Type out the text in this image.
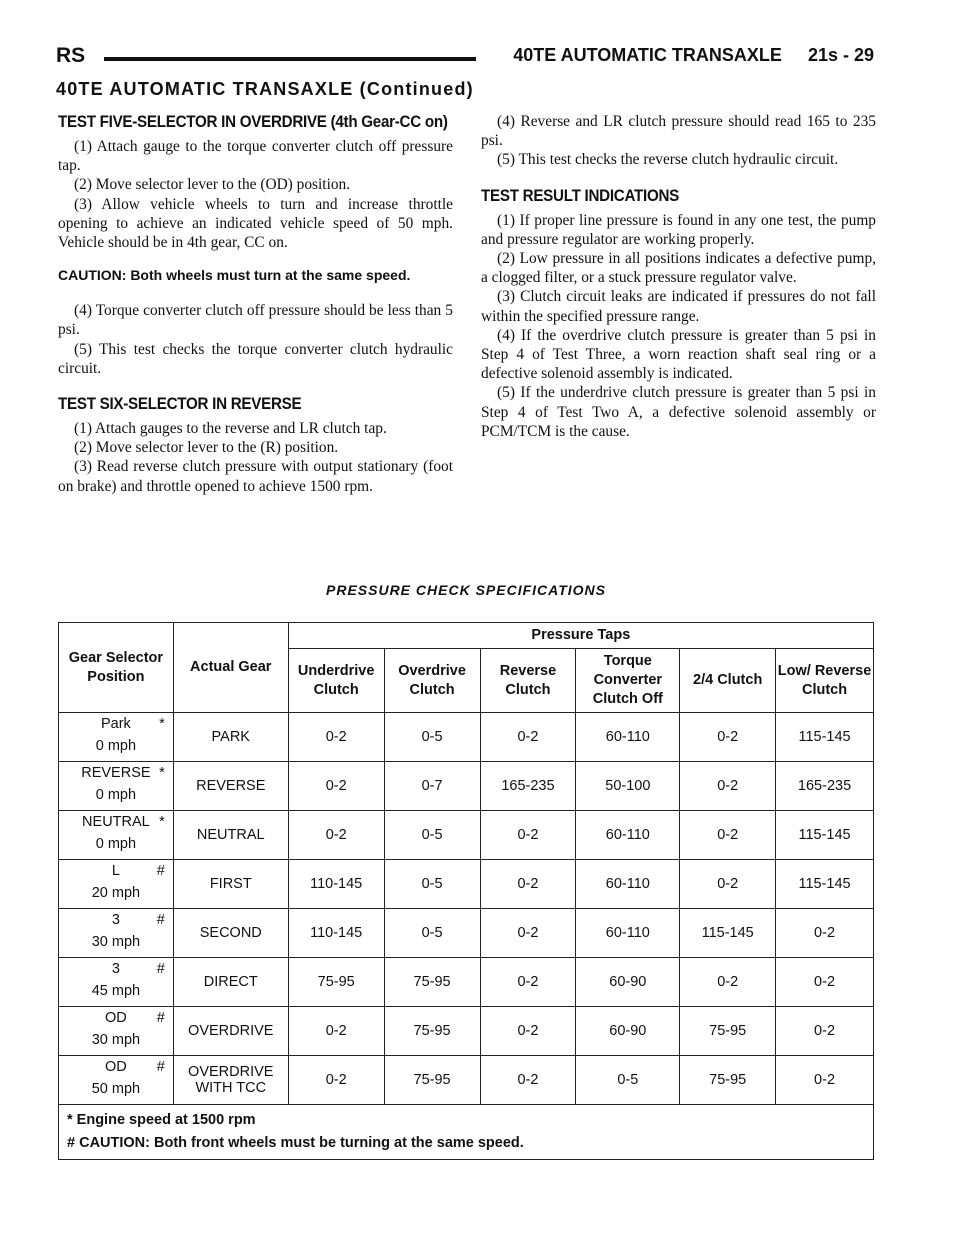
RS	40TE AUTOMATIC TRANSAXLE 21s - 29
40TE AUTOMATIC TRANSAXLE (Continued)
TEST FIVE-SELECTOR IN OVERDRIVE (4th Gear-CC on)

(1) Attach gauge to the torque converter clutch off pressure tap.

(2) Move selector lever to the (OD) position.

(3) Allow vehicle wheels to turn and increase throttle opening to achieve an indicated vehicle speed of 50 mph. Vehicle should be in 4th gear, CC on.

CAUTION: Both wheels must turn at the same speed.

(4) Torque converter clutch off pressure should be less than 5 psi.

(5) This test checks the torque converter clutch hydraulic circuit.

TEST SIX-SELECTOR IN REVERSE

(1) Attach gauges to the reverse and LR clutch tap.

(2) Move selector lever to the (R) position.

(3) Read reverse clutch pressure with output stationary (foot on brake) and throttle opened to achieve 1500 rpm.

(4) Reverse and LR clutch pressure should read 165 to 235 psi.

(5) This test checks the reverse clutch hydraulic circuit.

TEST RESULT INDICATIONS

(1) If proper line pressure is found in any one test, the pump and pressure regulator are working properly.

(2) Low pressure in all positions indicates a defective pump, a clogged filter, or a stuck pressure regulator valve.

(3) Clutch circuit leaks are indicated if pressures do not fall within the specified pressure range.

(4) If the overdrive clutch pressure is greater than 5 psi in Step 4 of Test Three, a worn reaction shaft seal ring or a defective solenoid assembly is indicated.

(5) If the underdrive clutch pressure is greater than 5 psi in Step 4 of Test Two A, a defective solenoid assembly or PCM/TCM is the cause.

PRESSURE CHECK SPECIFICATIONS
Gear Selector Position	Actual Gear	Pressure Taps					
		Underdrive Clutch	Overdrive Clutch	Reverse Clutch	Torque Converter Clutch Off	2/4 Clutch	Low/ Reverse Clutch

Park *
0 mph	PARK	0-2	0-5	0-2	60-110	0-2	115-145

REVERSE *
0 mph	REVERSE	0-2	0-7	165-235	50-100	0-2	165-235

NEUTRAL *
0 mph	NEUTRAL	0-2	0-5	0-2	60-110	0-2	115-145

L #
20 mph	FIRST	110-145	0-5	0-2	60-110	0-2	115-145

3 #
30 mph	SECOND	110-145	0-5	0-2	60-110	115-145	0-2

3 #
45 mph	DIRECT	75-95	75-95	0-2	60-90	0-2	0-2

OD #
30 mph	OVERDRIVE	0-2	75-95	0-2	60-90	75-95	0-2

OD #
50 mph	OVERDRIVE WITH TCC	0-2	75-95	0-2	0-5	75-95	0-2

* Engine speed at 1500 rpm
# CAUTION: Both front wheels must be turning at the same speed.							
